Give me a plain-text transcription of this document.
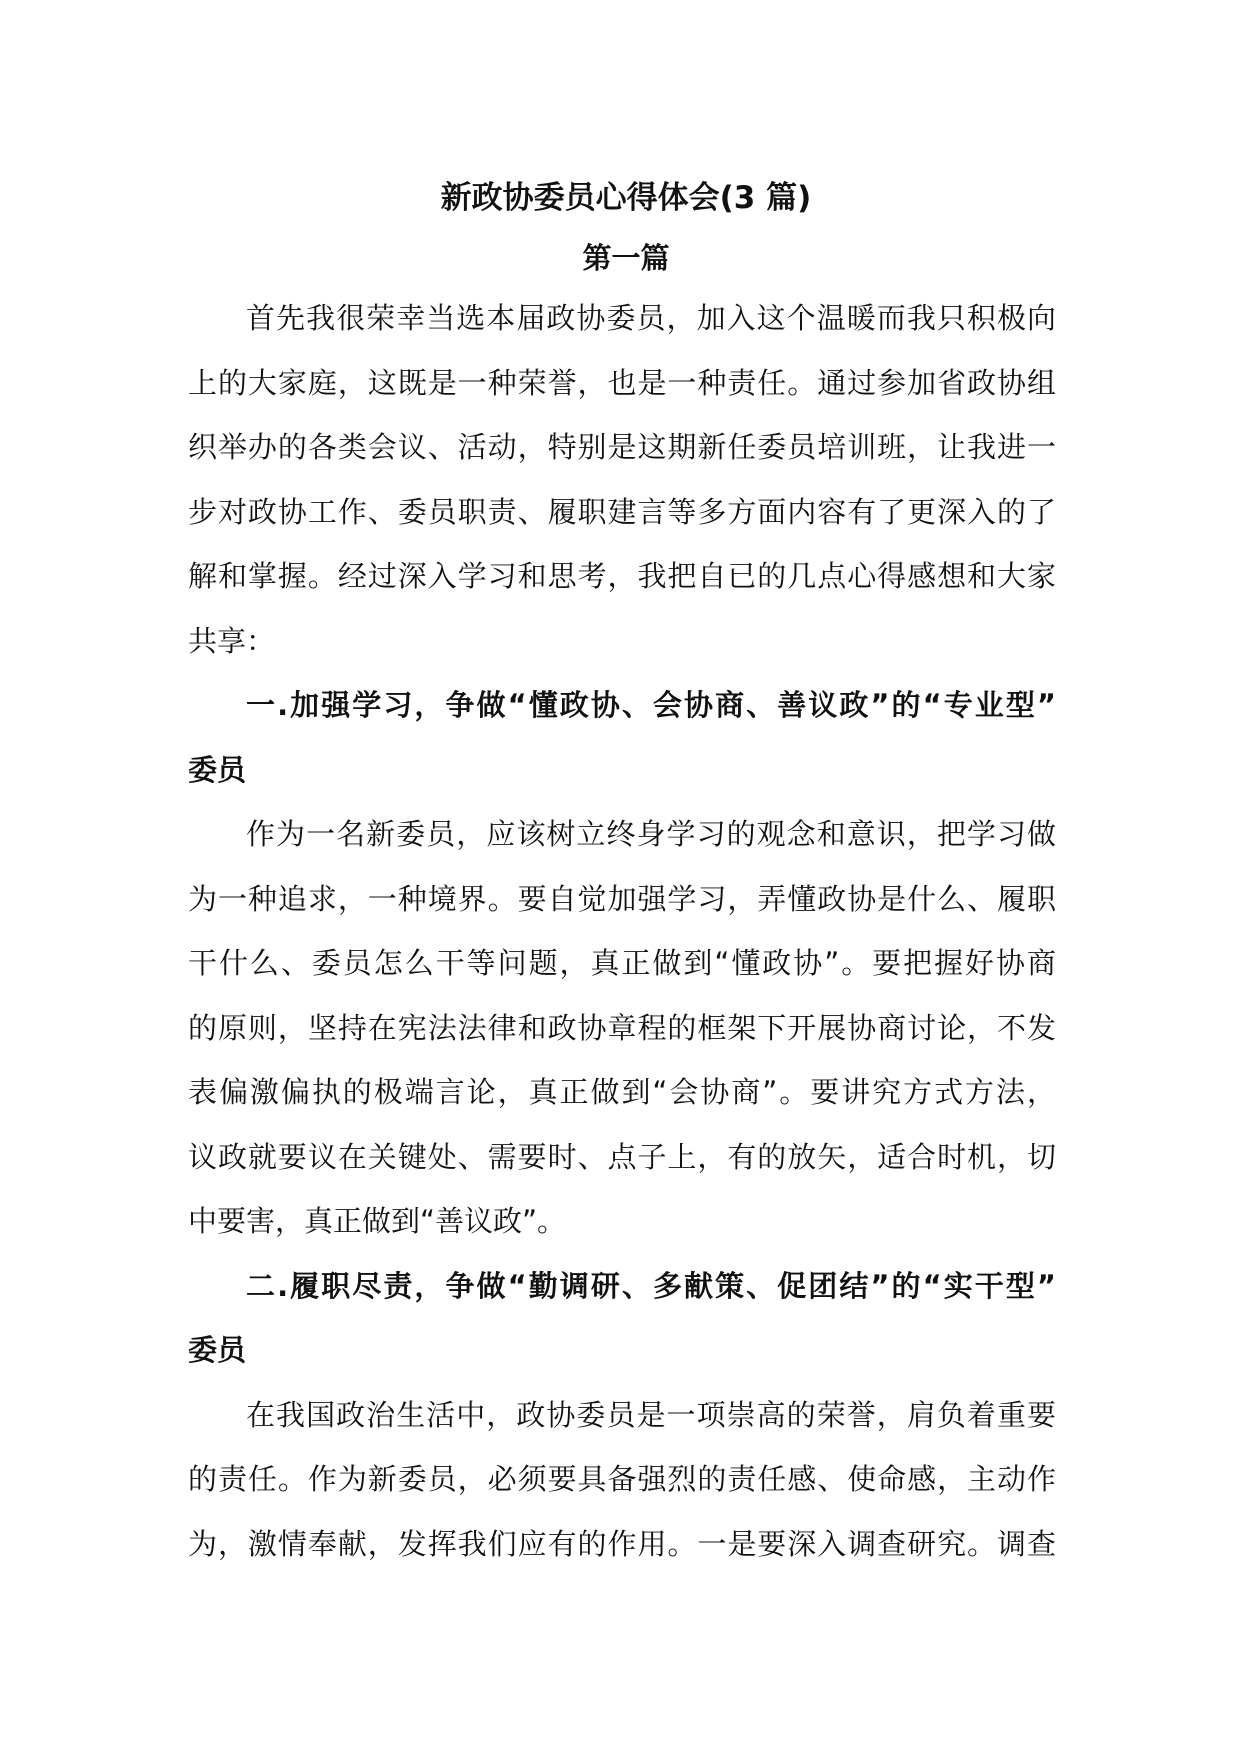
新政协委员心得体会(3 篇)
第一篇

首先我很荣幸当选本届政协委员，加入这个温暖而我只积极向
上的大家庭，这既是一种荣誉，也是一种责任。通过参加省政协组
织举办的各类会议、活动，特别是这期新任委员培训班，让我进一
步对政协工作、委员职责、履职建言等多方面内容有了更深入的了
解和掌握。经过深入学习和思考，我把自已的几点心得感想和大家
共享：

一.加强学习，争做“懂政协、会协商、善议政”的“专业型”
委员

作为一名新委员，应该树立终身学习的观念和意识，把学习做
为一种追求，一种境界。要自觉加强学习，弄懂政协是什么、履职
干什么、委员怎么干等问题，真正做到“懂政协”。要把握好协商
的原则，坚持在宪法法律和政协章程的框架下开展协商讨论，不发
表偏激偏执的极端言论，真正做到“会协商”。要讲究方式方法，
议政就要议在关键处、需要时、点子上，有的放矢，适合时机，切
中要害，真正做到“善议政”。

二.履职尽责，争做“勤调研、多献策、促团结”的“实干型”
委员

在我国政治生活中，政协委员是一项崇高的荣誉，肩负着重要
的责任。作为新委员，必须要具备强烈的责任感、使命感，主动作
为，激情奉献，发挥我们应有的作用。一是要深入调查研究。调查
